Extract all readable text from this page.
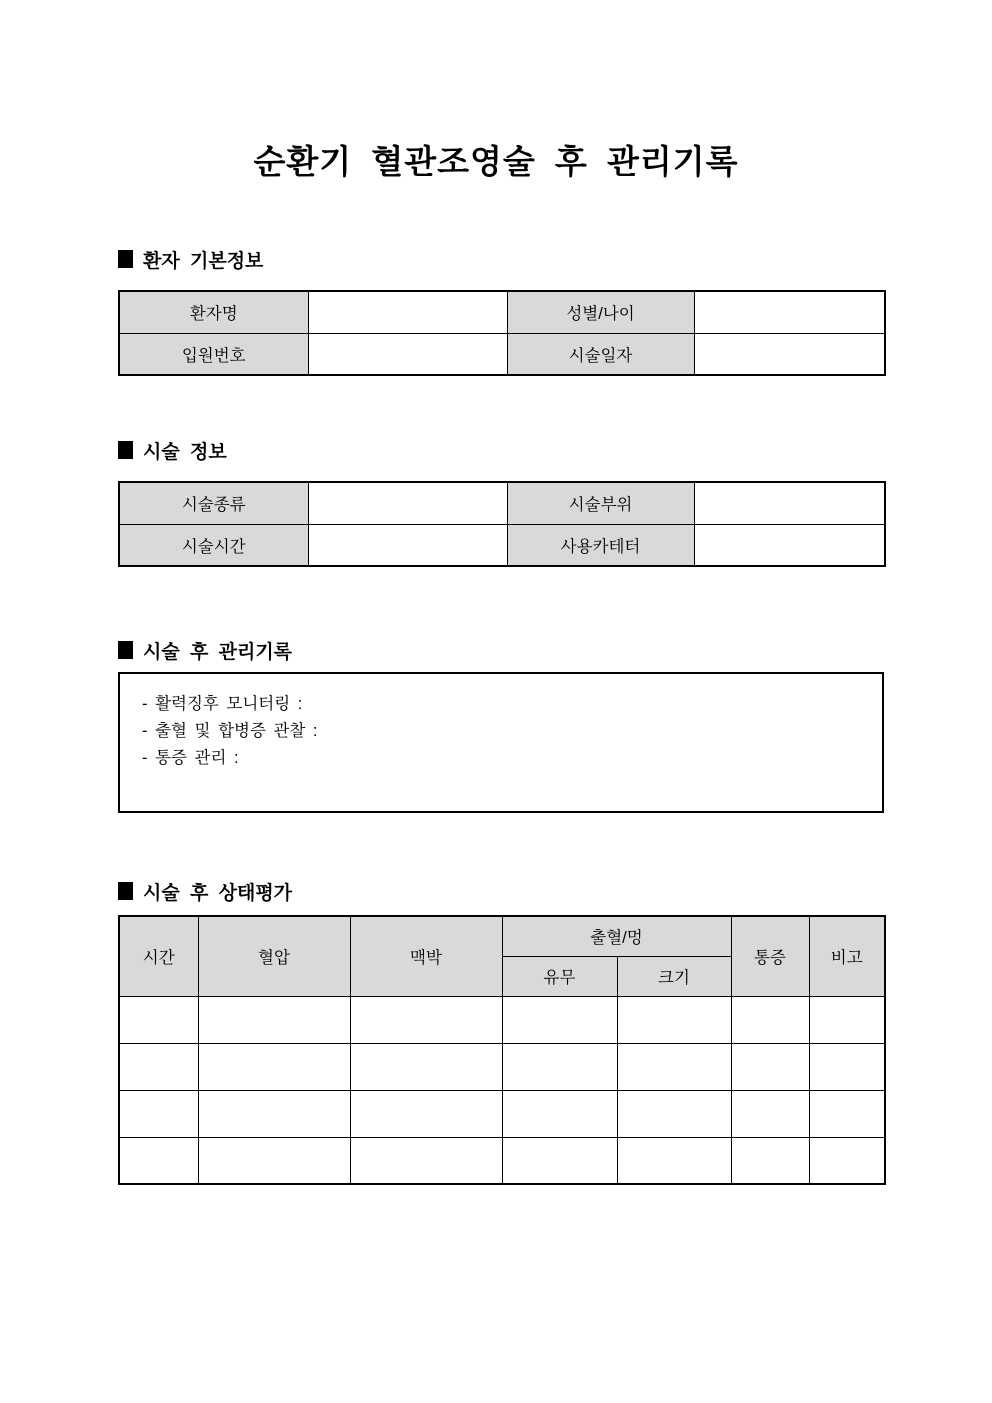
순환기 혈관조영술 후 관리기록
환자 기본정보
환자명		성별/나이	
입원번호		시술일자	
시술 정보
시술종류		시술부위	
시술시간		사용카테터	
시술 후 관리기록
- 활력징후 모니터링 :
- 출혈 및 합병증 관찰 :
- 통증 관리 :
시술 후 상태평가
시간	혈압	맥박	출혈/멍		통증	비고
			유무	크기		
